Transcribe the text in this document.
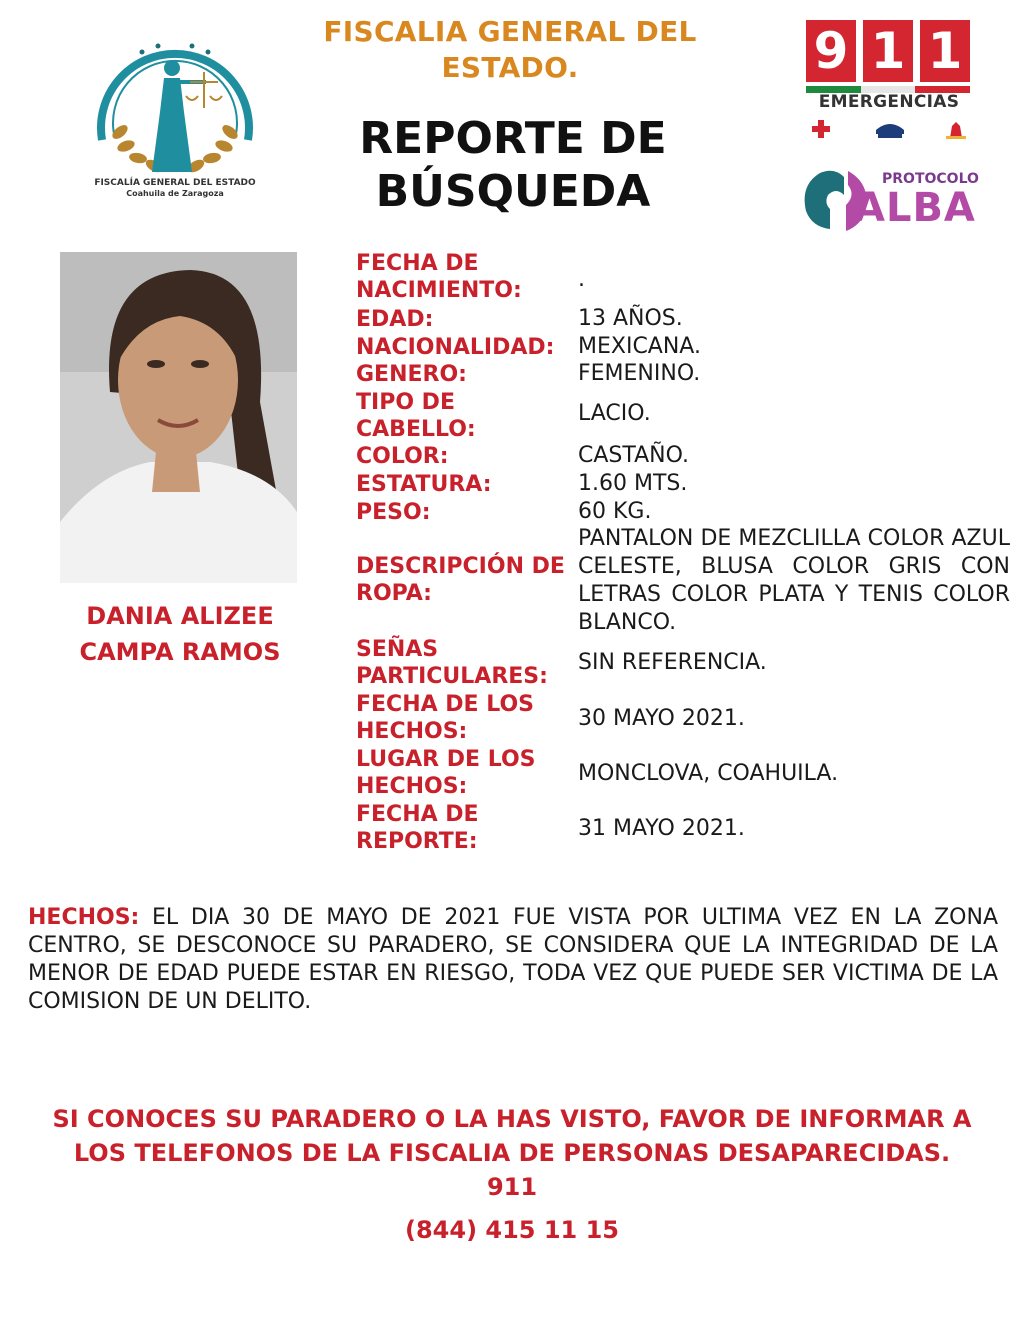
FISCALIA GENERAL DEL ESTADO.
REPORTE DE BÚSQUEDA
FISCALÍA GENERAL DEL ESTADO
Coahuila de Zaragoza
9 1 1
EMERGENCIAS
PROTOCOLO
ALBA
DANIA ALIZEE CAMPA RAMOS
FECHA DE NACIMIENTO:	.
EDAD:	13 AÑOS.
NACIONALIDAD:	MEXICANA.
GENERO:	FEMENINO.
TIPO DE CABELLO:
LACIO.
COLOR:	CASTAÑO.
ESTATURA:	1.60 MTS.
PESO:	60 KG.
DESCRIPCIÓN DE ROPA:
PANTALON DE MEZCLILLA COLOR AZUL CELESTE, BLUSA COLOR GRIS CON LETRAS COLOR PLATA Y TENIS COLOR BLANCO.
SEÑAS PARTICULARES:
SIN REFERENCIA.
FECHA DE LOS HECHOS:
30 MAYO 2021.
LUGAR DE LOS HECHOS:
MONCLOVA, COAHUILA.
FECHA DE REPORTE:
31 MAYO 2021.
HECHOS: EL DIA 30 DE MAYO DE 2021 FUE VISTA POR ULTIMA VEZ EN LA ZONA CENTRO, SE DESCONOCE SU PARADERO, SE CONSIDERA QUE LA INTEGRIDAD DE LA MENOR DE EDAD PUEDE ESTAR EN RIESGO, TODA VEZ QUE PUEDE SER VICTIMA DE LA COMISION DE UN DELITO.
SI CONOCES SU PARADERO O LA HAS VISTO, FAVOR DE INFORMAR A LOS TELEFONOS DE LA FISCALIA DE PERSONAS DESAPARECIDAS.
911
(844) 415 11 15
